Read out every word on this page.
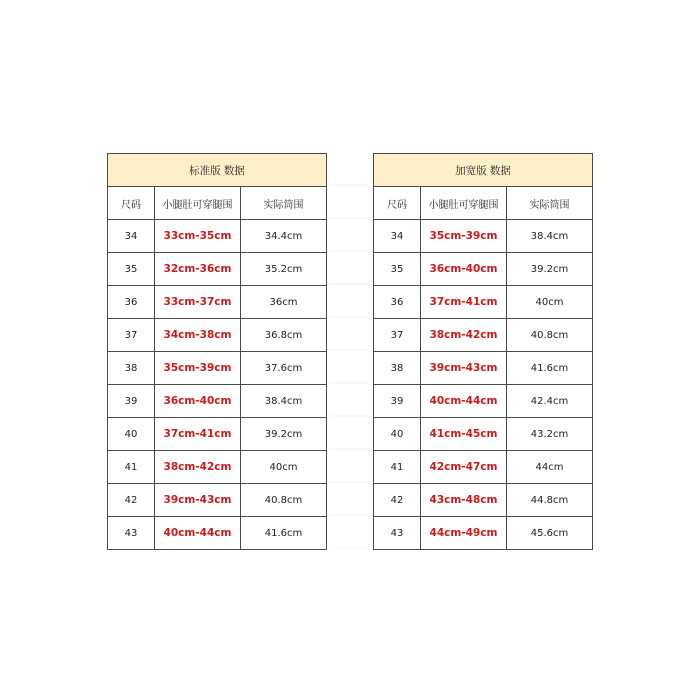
标准版 数据		
尺码	小腿肚可穿腿围	实际筒围
34	33cm-35cm	34.4cm
35	32cm-36cm	35.2cm
36	33cm-37cm	36cm
37	34cm-38cm	36.8cm
38	35cm-39cm	37.6cm
39	36cm-40cm	38.4cm
40	37cm-41cm	39.2cm
41	38cm-42cm	40cm
42	39cm-43cm	40.8cm
43	40cm-44cm	41.6cm
加宽版 数据		
尺码	小腿肚可穿腿围	实际筒围
34	35cm-39cm	38.4cm
35	36cm-40cm	39.2cm
36	37cm-41cm	40cm
37	38cm-42cm	40.8cm
38	39cm-43cm	41.6cm
39	40cm-44cm	42.4cm
40	41cm-45cm	43.2cm
41	42cm-47cm	44cm
42	43cm-48cm	44.8cm
43	44cm-49cm	45.6cm
